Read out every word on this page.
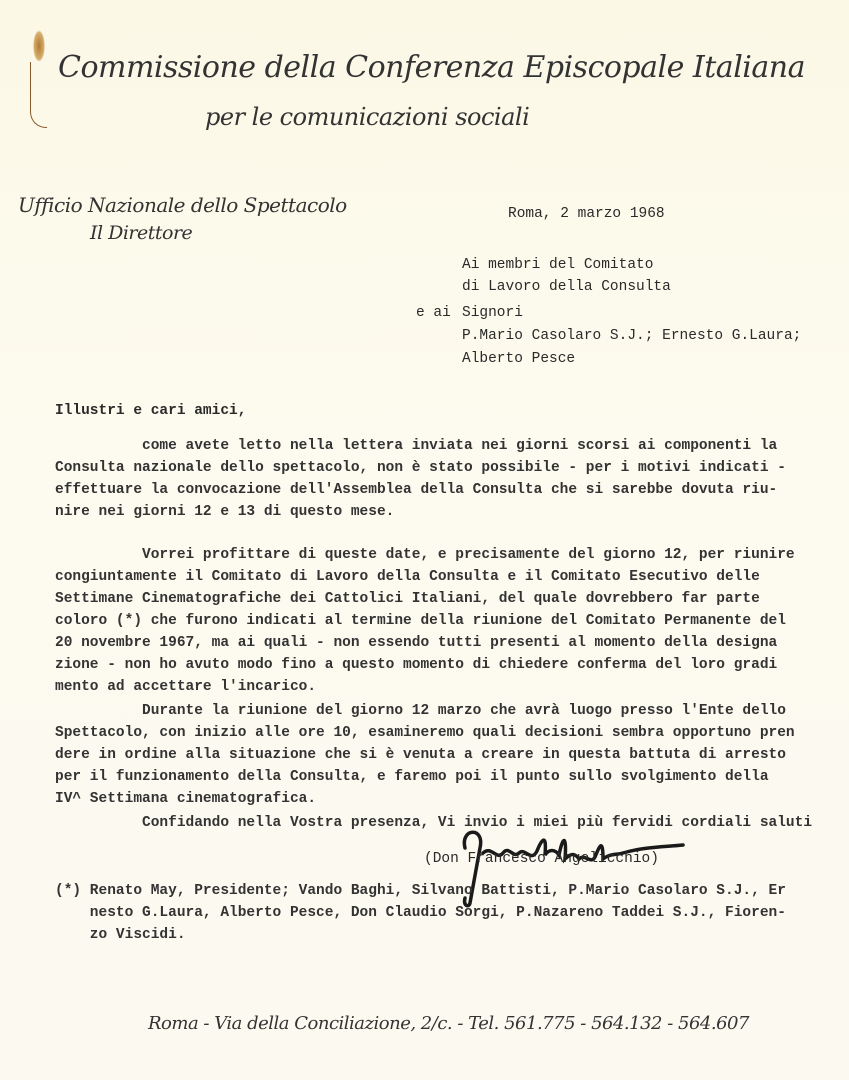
Commissione della Conferenza Episcopale Italiana
per le comunicazioni sociali
Ufficio Nazionale dello Spettacolo
Il Direttore
Roma, 2 marzo 1968
Ai membri del Comitato
di Lavoro della Consulta
e ai Signori
P.Mario Casolaro S.J.; Ernesto G.Laura;
Alberto Pesce
Illustri e cari amici,
come avete letto nella lettera inviata nei giorni scorsi ai componenti la
Consulta nazionale dello spettacolo, non è stato possibile - per i motivi indicati -
effettuare la convocazione dell'Assemblea della Consulta che si sarebbe dovuta riu-
nire nei giorni 12 e 13 di questo mese.
Vorrei profittare di queste date, e precisamente del giorno 12, per riunire
congiuntamente il Comitato di Lavoro della Consulta e il Comitato Esecutivo delle
Settimane Cinematografiche dei Cattolici Italiani, del quale dovrebbero far parte
coloro (*) che furono indicati al termine della riunione del Comitato Permanente del
20 novembre 1967, ma ai quali - non essendo tutti presenti al momento della designa
zione - non ho avuto modo fino a questo momento di chiedere conferma del loro gradi
mento ad accettare l'incarico.
Durante la riunione del giorno 12 marzo che avrà luogo presso l'Ente dello
Spettacolo, con inizio alle ore 10, esamineremo quali decisioni sembra opportuno pren
dere in ordine alla situazione che si è venuta a creare in questa battuta di arresto
per il funzionamento della Consulta, e faremo poi il punto sullo svolgimento della
IV^ Settimana cinematografica.
Confidando nella Vostra presenza, Vi invio i miei più fervidi cordiali saluti
(Don Francesco Angelicchio)
(*) Renato May, Presidente; Vando Baghi, Silvano Battisti, P.Mario Casolaro S.J., Er
nesto G.Laura, Alberto Pesce, Don Claudio Sorgi, P.Nazareno Taddei S.J., Fioren-
zo Viscidi.
Roma - Via della Conciliazione, 2/c. - Tel. 561.775 - 564.132 - 564.607
